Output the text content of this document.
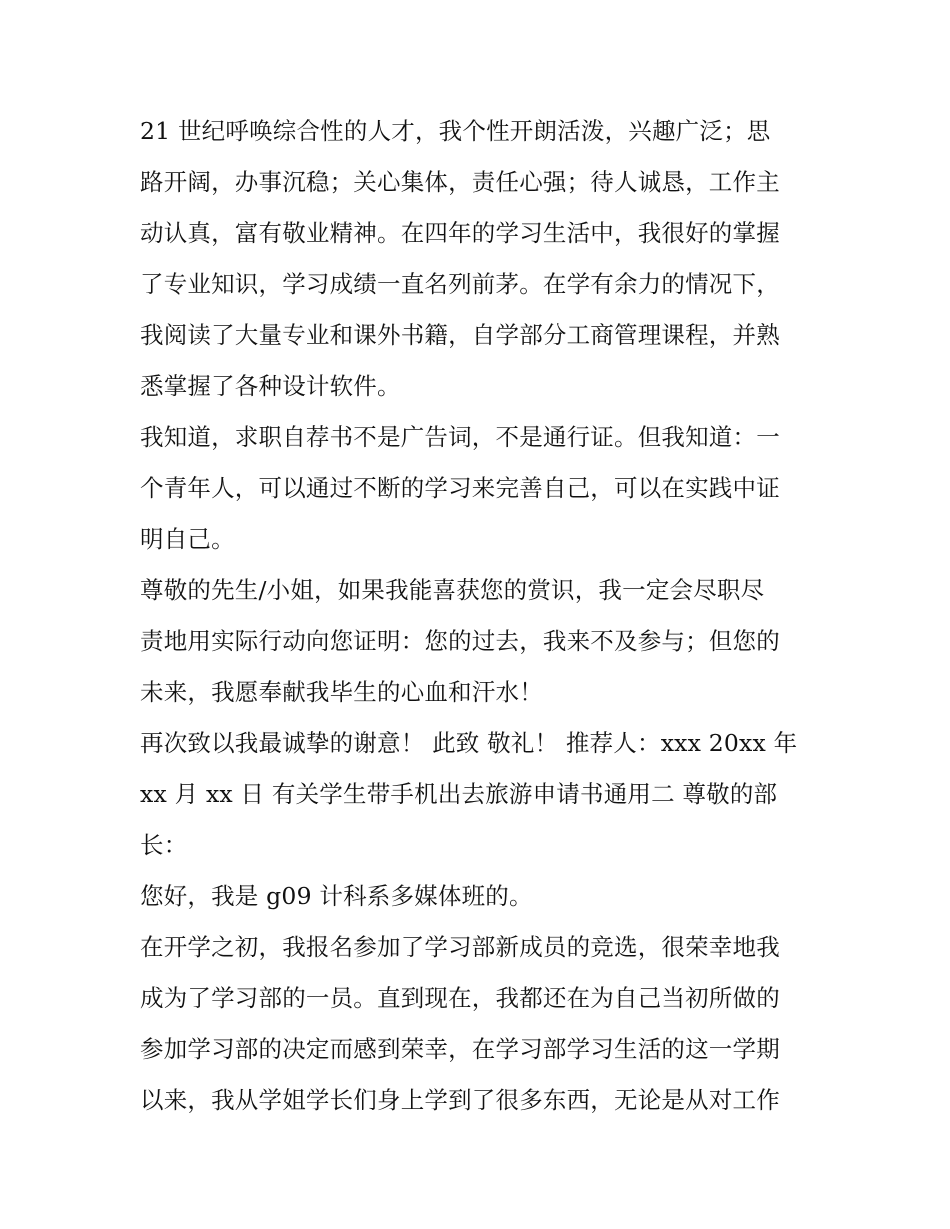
21 世纪呼唤综合性的人才，我个性开朗活泼，兴趣广泛；思
路开阔，办事沉稳；关心集体，责任心强；待人诚恳，工作主
动认真，富有敬业精神。在四年的学习生活中，我很好的掌握
了专业知识，学习成绩一直名列前茅。在学有余力的情况下，
我阅读了大量专业和课外书籍，自学部分工商管理课程，并熟
悉掌握了各种设计软件。
我知道，求职自荐书不是广告词，不是通行证。但我知道：一
个青年人，可以通过不断的学习来完善自己，可以在实践中证
明自己。
尊敬的先生/小姐，如果我能喜获您的赏识，我一定会尽职尽
责地用实际行动向您证明：您的过去，我来不及参与；但您的
未来，我愿奉献我毕生的心血和汗水！
再次致以我最诚挚的谢意！ 此致 敬礼！ 推荐人：xxx 20xx 年
xx 月 xx 日 有关学生带手机出去旅游申请书通用二 尊敬的部
长：
您好，我是 g09 计科系多媒体班的。
在开学之初，我报名参加了学习部新成员的竞选，很荣幸地我
成为了学习部的一员。直到现在，我都还在为自己当初所做的
参加学习部的决定而感到荣幸，在学习部学习生活的这一学期
以来，我从学姐学长们身上学到了很多东西，无论是从对工作
